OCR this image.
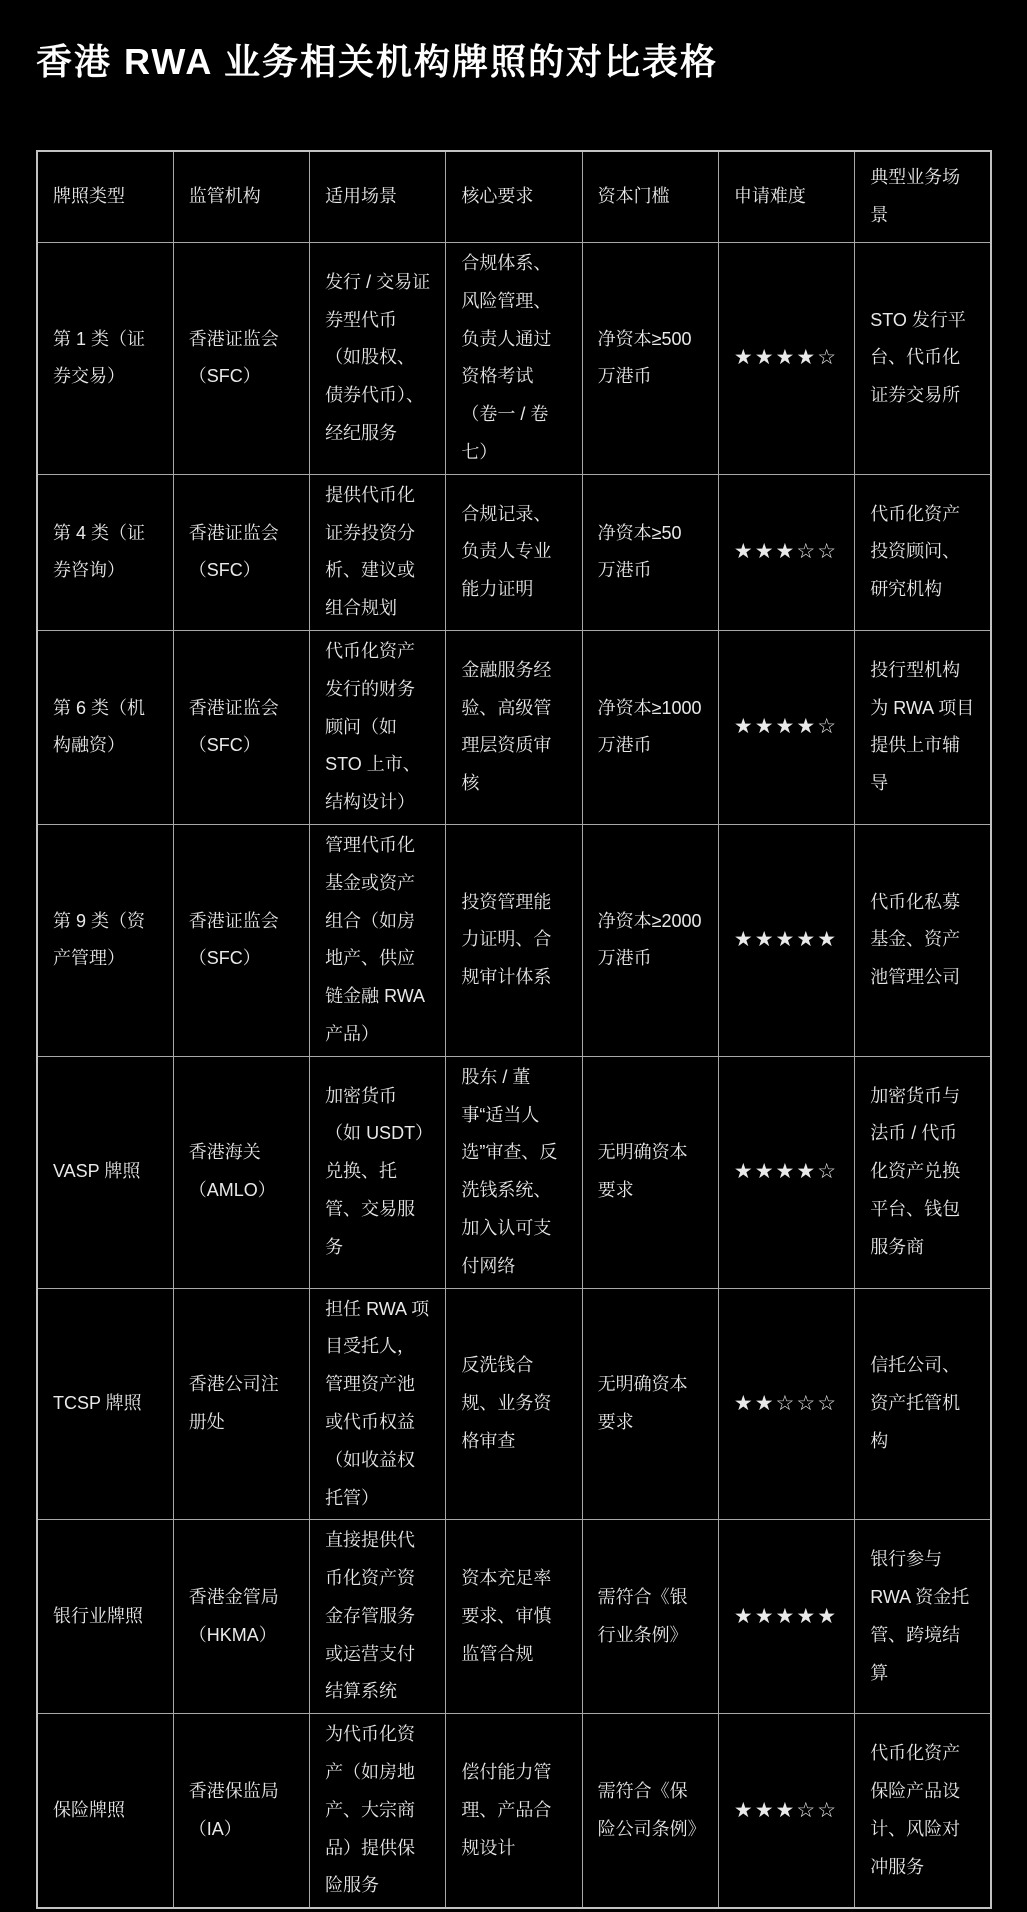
香港 RWA 业务相关机构牌照的对比表格
牌照类型	监管机构	适用场景	核心要求	资本门槛	申请难度	典型业务场景
第 1 类（证券交易）	香港证监会（SFC）	发行 / 交易证券型代币（如股权、债券代币）、经纪服务	合规体系、风险管理、负责人通过资格考试（卷一 / 卷七）	净资本≥500 万港币	★★★★☆	STO 发行平台、代币化证券交易所
第 4 类（证券咨询）	香港证监会（SFC）	提供代币化证券投资分析、建议或组合规划	合规记录、负责人专业能力证明	净资本≥50 万港币	★★★☆☆	代币化资产投资顾问、研究机构
第 6 类（机构融资）	香港证监会（SFC）	代币化资产发行的财务顾问（如 STO 上市、结构设计）	金融服务经验、高级管理层资质审核	净资本≥1000 万港币	★★★★☆	投行型机构为 RWA 项目提供上市辅导
第 9 类（资产管理）	香港证监会（SFC）	管理代币化基金或资产组合（如房地产、供应链金融 RWA 产品）	投资管理能力证明、合规审计体系	净资本≥2000 万港币	★★★★★	代币化私募基金、资产池管理公司
VASP 牌照	香港海关（AMLO）	加密货币（如 USDT）兑换、托管、交易服务	股东 / 董事“适当人选”审查、反洗钱系统、加入认可支付网络	无明确资本要求	★★★★☆	加密货币与法币 / 代币化资产兑换平台、钱包服务商
TCSP 牌照	香港公司注册处	担任 RWA 项目受托人，管理资产池或代币权益（如收益权托管）	反洗钱合规、业务资格审查	无明确资本要求	★★☆☆☆	信托公司、资产托管机构
银行业牌照	香港金管局（HKMA）	直接提供代币化资产资金存管服务或运营支付结算系统	资本充足率要求、审慎监管合规	需符合《银行业条例》	★★★★★	银行参与 RWA 资金托管、跨境结算
保险牌照	香港保监局（IA）	为代币化资产（如房地产、大宗商品）提供保险服务	偿付能力管理、产品合规设计	需符合《保险公司条例》	★★★☆☆	代币化资产保险产品设计、风险对冲服务
